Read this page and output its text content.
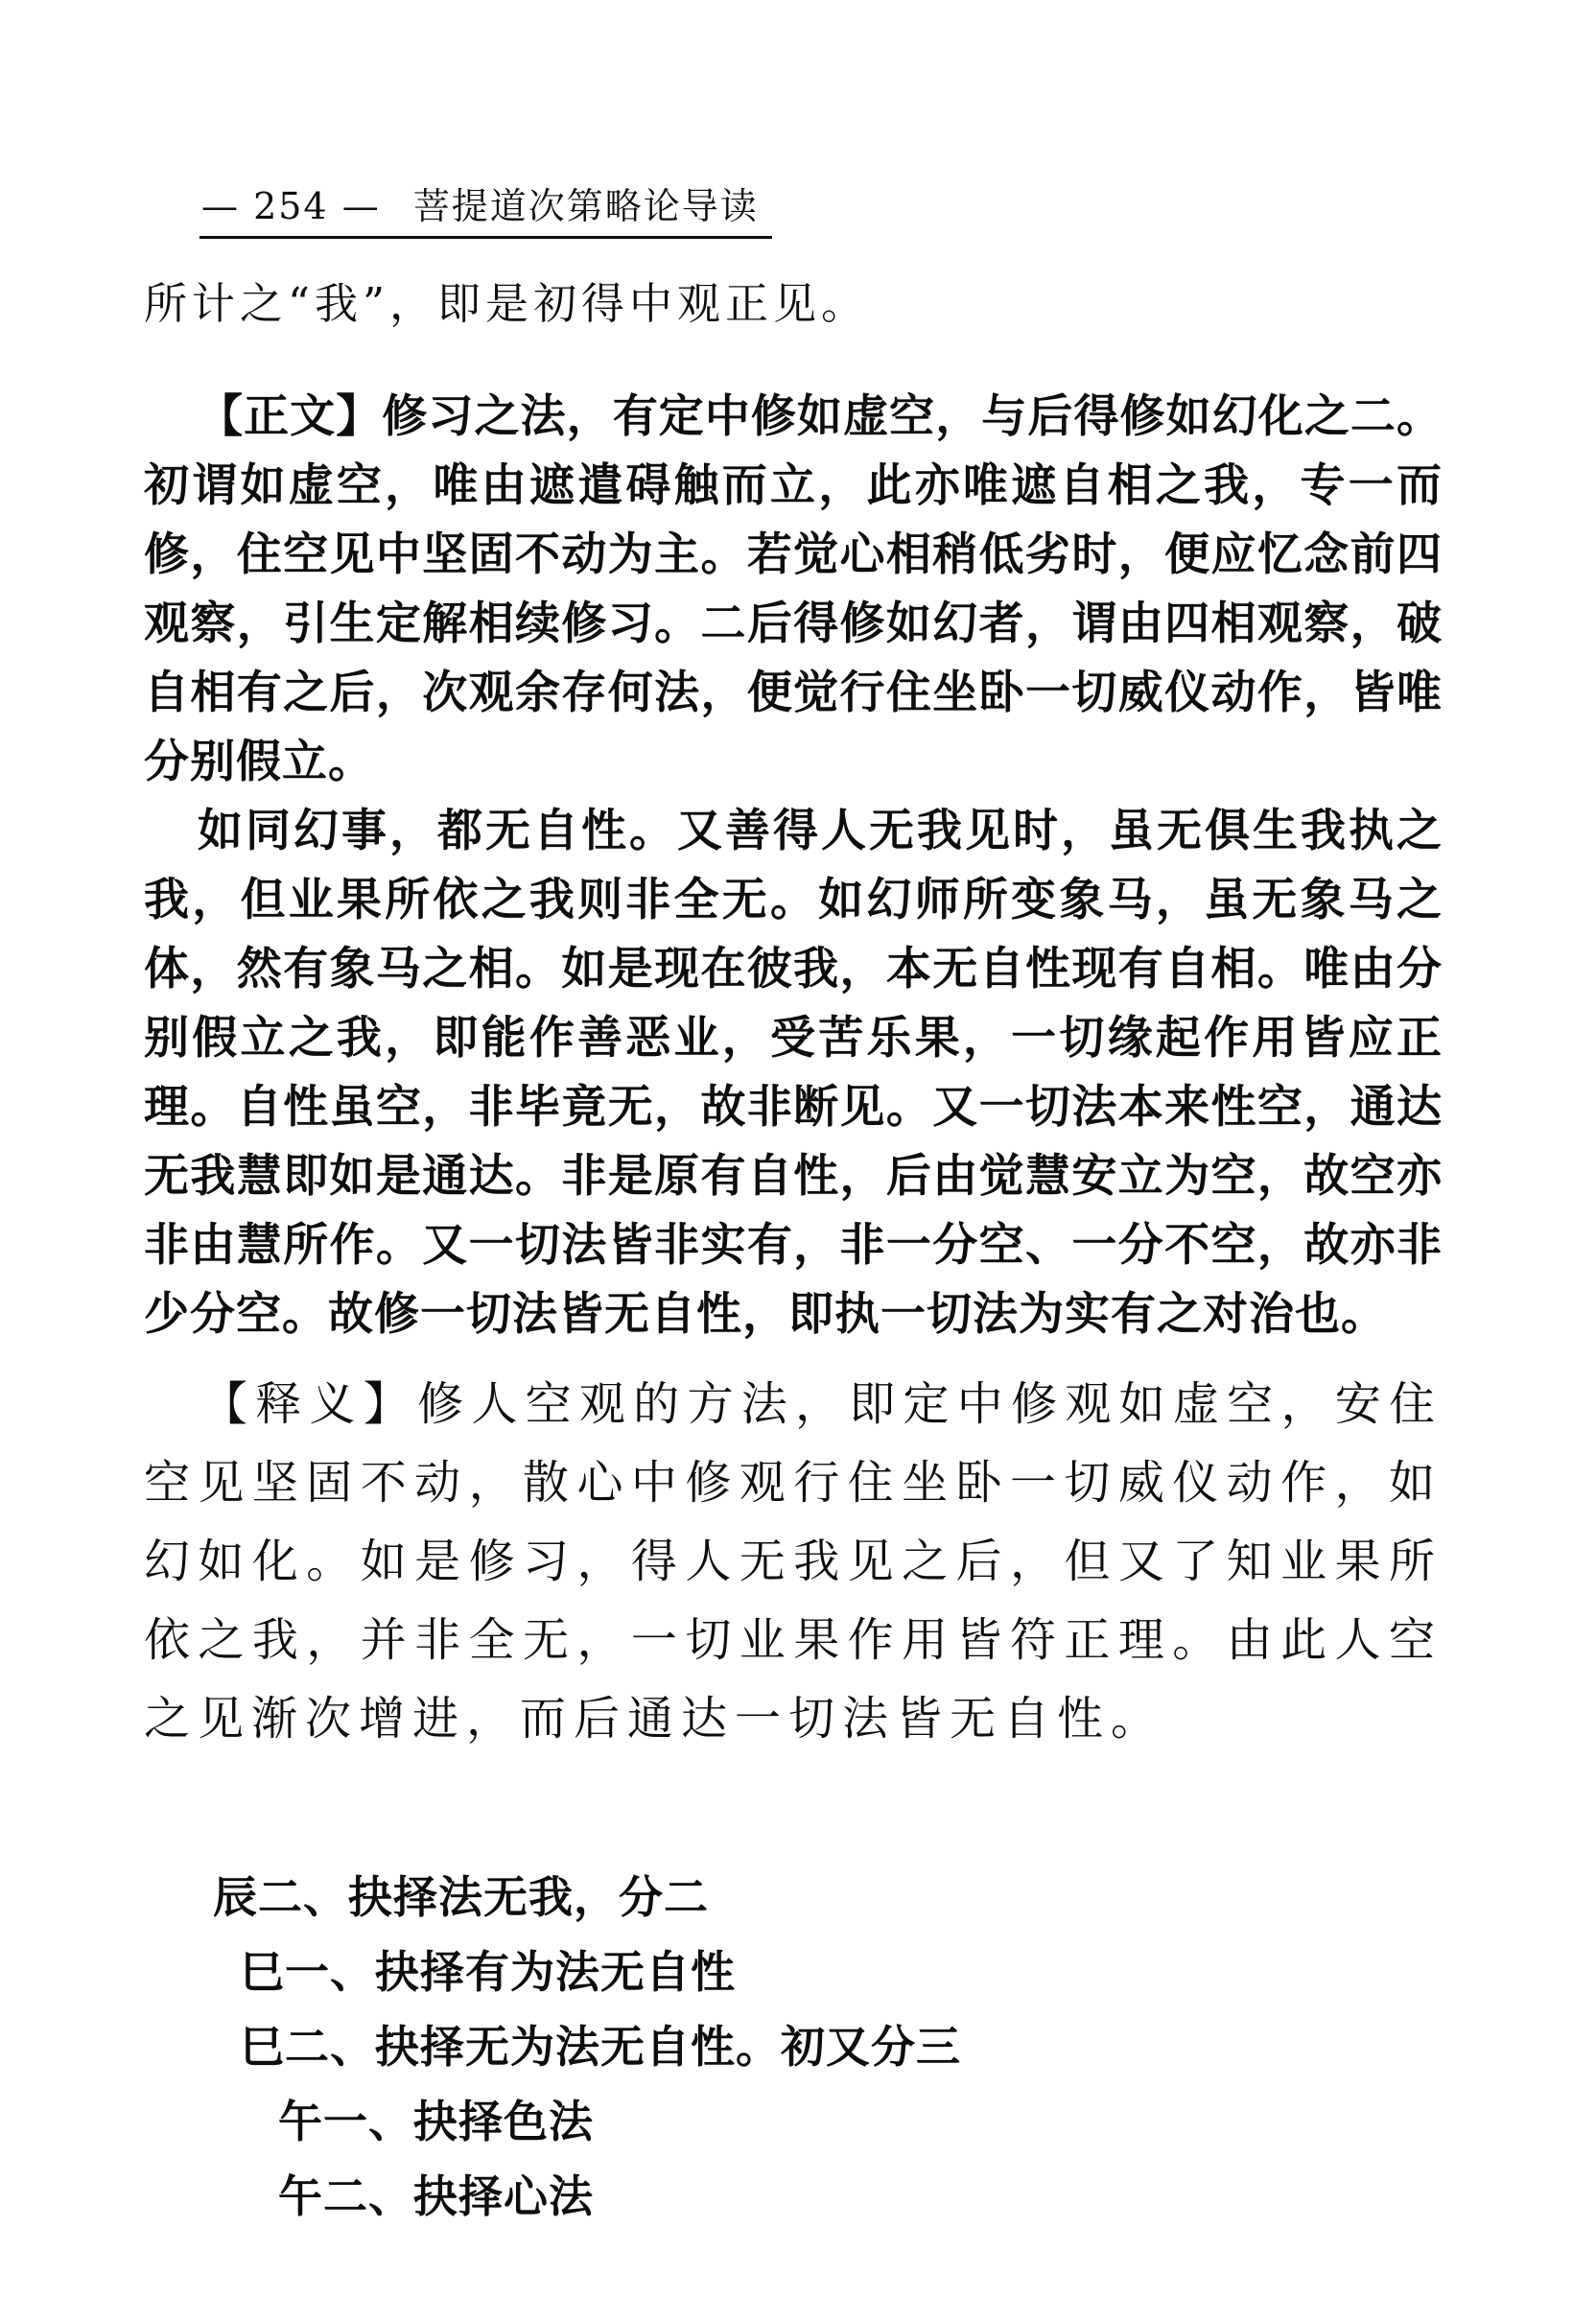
— 254 — 菩提道次第略论导读

所计之“我”，即是初得中观正见。

【正文】修习之法，有定中修如虚空，与后得修如幻化之二。初谓如虚空，唯由遮遣碍触而立，此亦唯遮自相之我，专一而修，住空见中坚固不动为主。若觉心相稍低劣时，便应忆念前四观察，引生定解相续修习。二后得修如幻者，谓由四相观察，破自相有之后，次观余存何法，便觉行住坐卧一切威仪动作，皆唯分别假立。

如同幻事，都无自性。又善得人无我见时，虽无俱生我执之我，但业果所依之我则非全无。如幻师所变象马，虽无象马之体，然有象马之相。如是现在彼我，本无自性现有自相。唯由分别假立之我，即能作善恶业，受苦乐果，一切缘起作用皆应正理。自性虽空，非毕竟无，故非断见。又一切法本来性空，通达无我慧即如是通达。非是原有自性，后由觉慧安立为空，故空亦非由慧所作。又一切法皆非实有，非一分空、一分不空，故亦非少分空。故修一切法皆无自性，即执一切法为实有之对治也。

【释义】修人空观的方法，即定中修观如虚空，安住空见坚固不动，散心中修观行住坐卧一切威仪动作，如幻如化。如是修习，得人无我见之后，但又了知业果所依之我，并非全无，一切业果作用皆符正理。由此人空之见渐次增进，而后通达一切法皆无自性。

辰二、抉择法无我，分二

巳一、抉择有为法无自性

巳二、抉择无为法无自性。初又分三

午一、抉择色法

午二、抉择心法
